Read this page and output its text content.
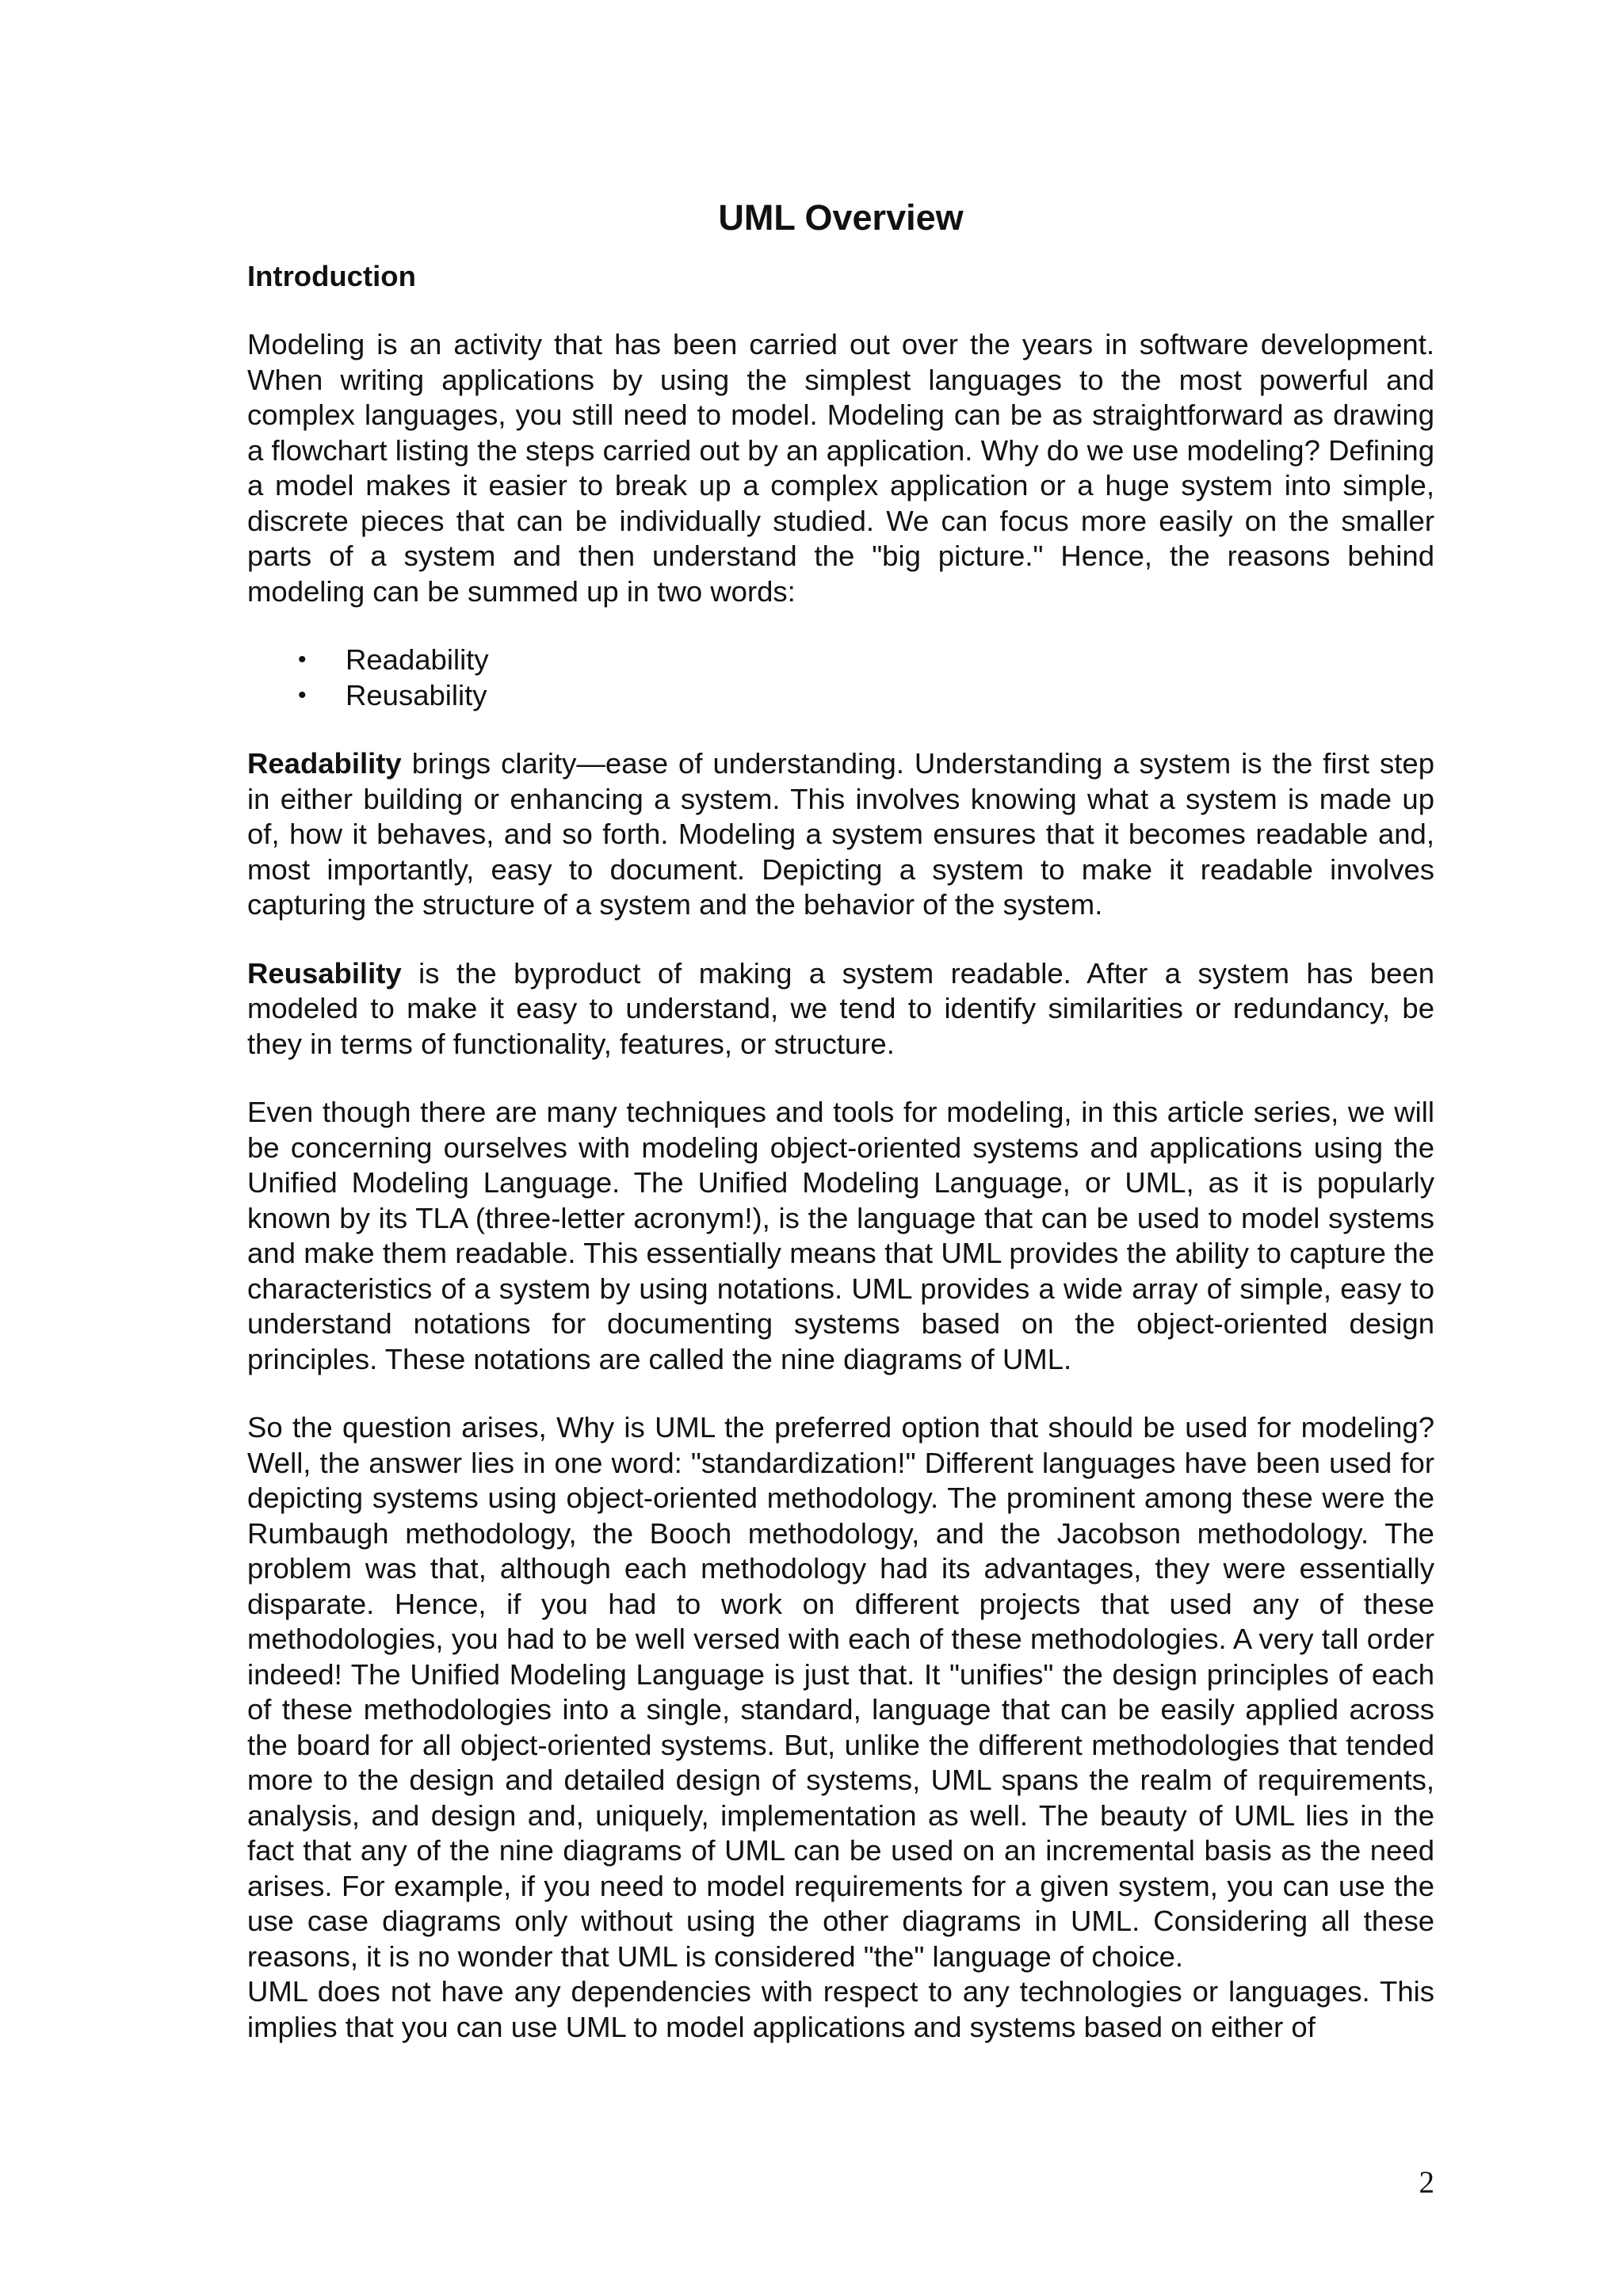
UML Overview
Introduction

Modeling is an activity that has been carried out over the years in software development. When writing applications by using the simplest languages to the most powerful and complex languages, you still need to model. Modeling can be as straightforward as drawing a flowchart listing the steps carried out by an application. Why do we use modeling? Defining a model makes it easier to break up a complex application or a huge system into simple, discrete pieces that can be individually studied. We can focus more easily on the smaller parts of a system and then understand the "big picture." Hence, the reasons behind modeling can be summed up in two words:

• Readability
• Reusability

Readability brings clarity—ease of understanding. Understanding a system is the first step in either building or enhancing a system. This involves knowing what a system is made up of, how it behaves, and so forth. Modeling a system ensures that it becomes readable and, most importantly, easy to document. Depicting a system to make it readable involves capturing the structure of a system and the behavior of the system.

Reusability is the byproduct of making a system readable. After a system has been modeled to make it easy to understand, we tend to identify similarities or redundancy, be they in terms of functionality, features, or structure.

Even though there are many techniques and tools for modeling, in this article series, we will be concerning ourselves with modeling object-oriented systems and applications using the Unified Modeling Language. The Unified Modeling Language, or UML, as it is popularly known by its TLA (three-letter acronym!), is the language that can be used to model systems and make them readable. This essentially means that UML provides the ability to capture the characteristics of a system by using notations. UML provides a wide array of simple, easy to understand notations for documenting systems based on the object-oriented design principles. These notations are called the nine diagrams of UML.

So the question arises, Why is UML the preferred option that should be used for modeling? Well, the answer lies in one word: "standardization!" Different languages have been used for depicting systems using object-oriented methodology. The prominent among these were the Rumbaugh methodology, the Booch methodology, and the Jacobson methodology. The problem was that, although each methodology had its advantages, they were essentially disparate. Hence, if you had to work on different projects that used any of these methodologies, you had to be well versed with each of these methodologies. A very tall order indeed! The Unified Modeling Language is just that. It "unifies" the design principles of each of these methodologies into a single, standard, language that can be easily applied across the board for all object-oriented systems. But, unlike the different methodologies that tended more to the design and detailed design of systems, UML spans the realm of requirements, analysis, and design and, uniquely, implementation as well. The beauty of UML lies in the fact that any of the nine diagrams of UML can be used on an incremental basis as the need arises. For example, if you need to model requirements for a given system, you can use the use case diagrams only without using the other diagrams in UML. Considering all these reasons, it is no wonder that UML is considered "the" language of choice.

UML does not have any dependencies with respect to any technologies or languages. This implies that you can use UML to model applications and systems based on either of

2
